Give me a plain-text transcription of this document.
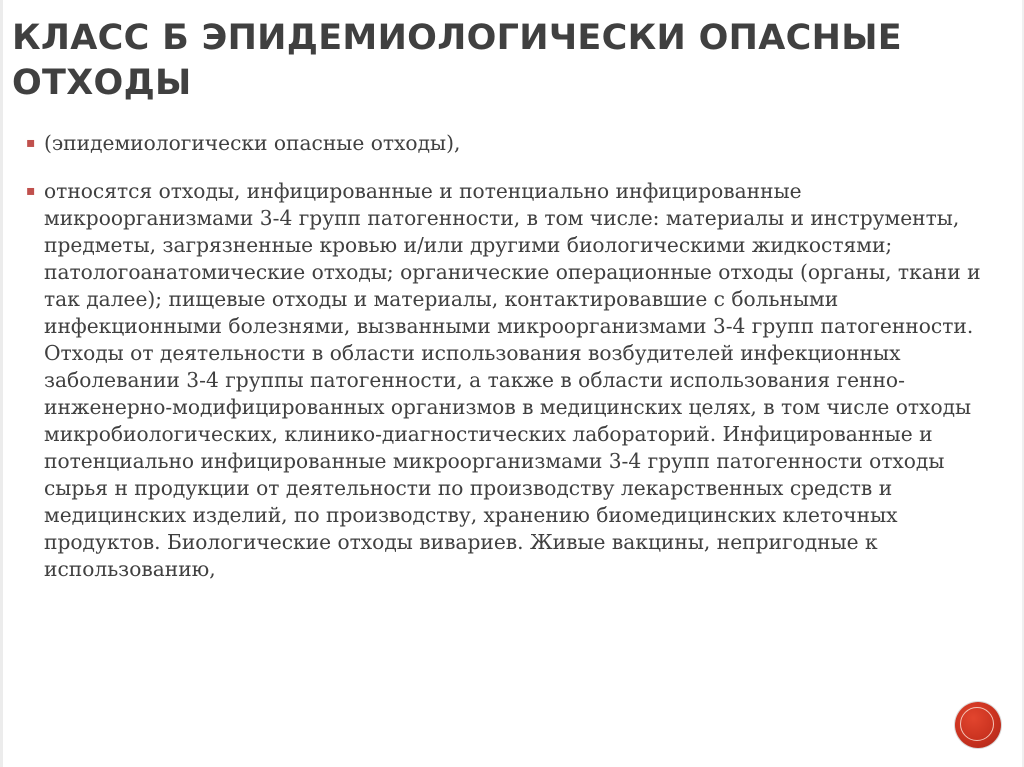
КЛАСС Б ЭПИДЕМИОЛОГИЧЕСКИ ОПАСНЫЕ ОТХОДЫ
▪ (эпидемиологически опасные отходы),
▪ относятся отходы, инфицированные и потенциально инфицированные микроорганизмами 3-4 групп патогенности, в том числе: материалы и инструменты, предметы, загрязненные кровью и/или другими биологическими жидкостями; патологоанатомические отходы; органические операционные отходы (органы, ткани и так далее); пищевые отходы и материалы, контактировавшие с больными инфекционными болезнями, вызванными микроорганизмами 3-4 групп патогенности. Отходы от деятельности в области использования возбудителей инфекционных заболевании 3-4 группы патогенности, а также в области использования генно- инженерно-модифицированных организмов в медицинских целях, в том числе отходы микробиологических, клинико-диагностических лабораторий. Инфицированные и потенциально инфицированные микроорганизмами 3-4 групп патогенности отходы сырья н продукции от деятельности по производству лекарственных средств и медицинских изделий, по производству, хранению биомедицинских клеточных продуктов. Биологические отходы вивариев. Живые вакцины, непригодные к использованию,
